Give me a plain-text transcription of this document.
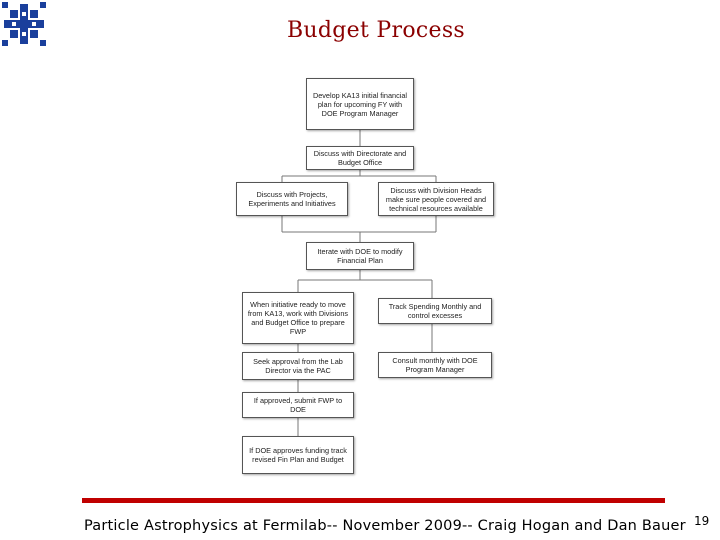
Budget Process
Develop KA13 initial financial plan for upcoming FY with DOE Program Manager
Discuss with Directorate and Budget Office
Discuss with Projects, Experiments and Initiatives
Discuss with Division Heads make sure people covered and technical resources available
Iterate with DOE to modify Financial Plan
When initiative ready to move from KA13, work with Divisions and Budget Office to prepare FWP
Track Spending Monthly and control excesses
Seek approval from the Lab Director via the PAC
Consult monthly with DOE Program Manager
If approved, submit FWP to DOE
If DOE approves funding track revised Fin Plan and Budget
Particle Astrophysics at Fermilab-- November 2009-- Craig Hogan and Dan Bauer 19
